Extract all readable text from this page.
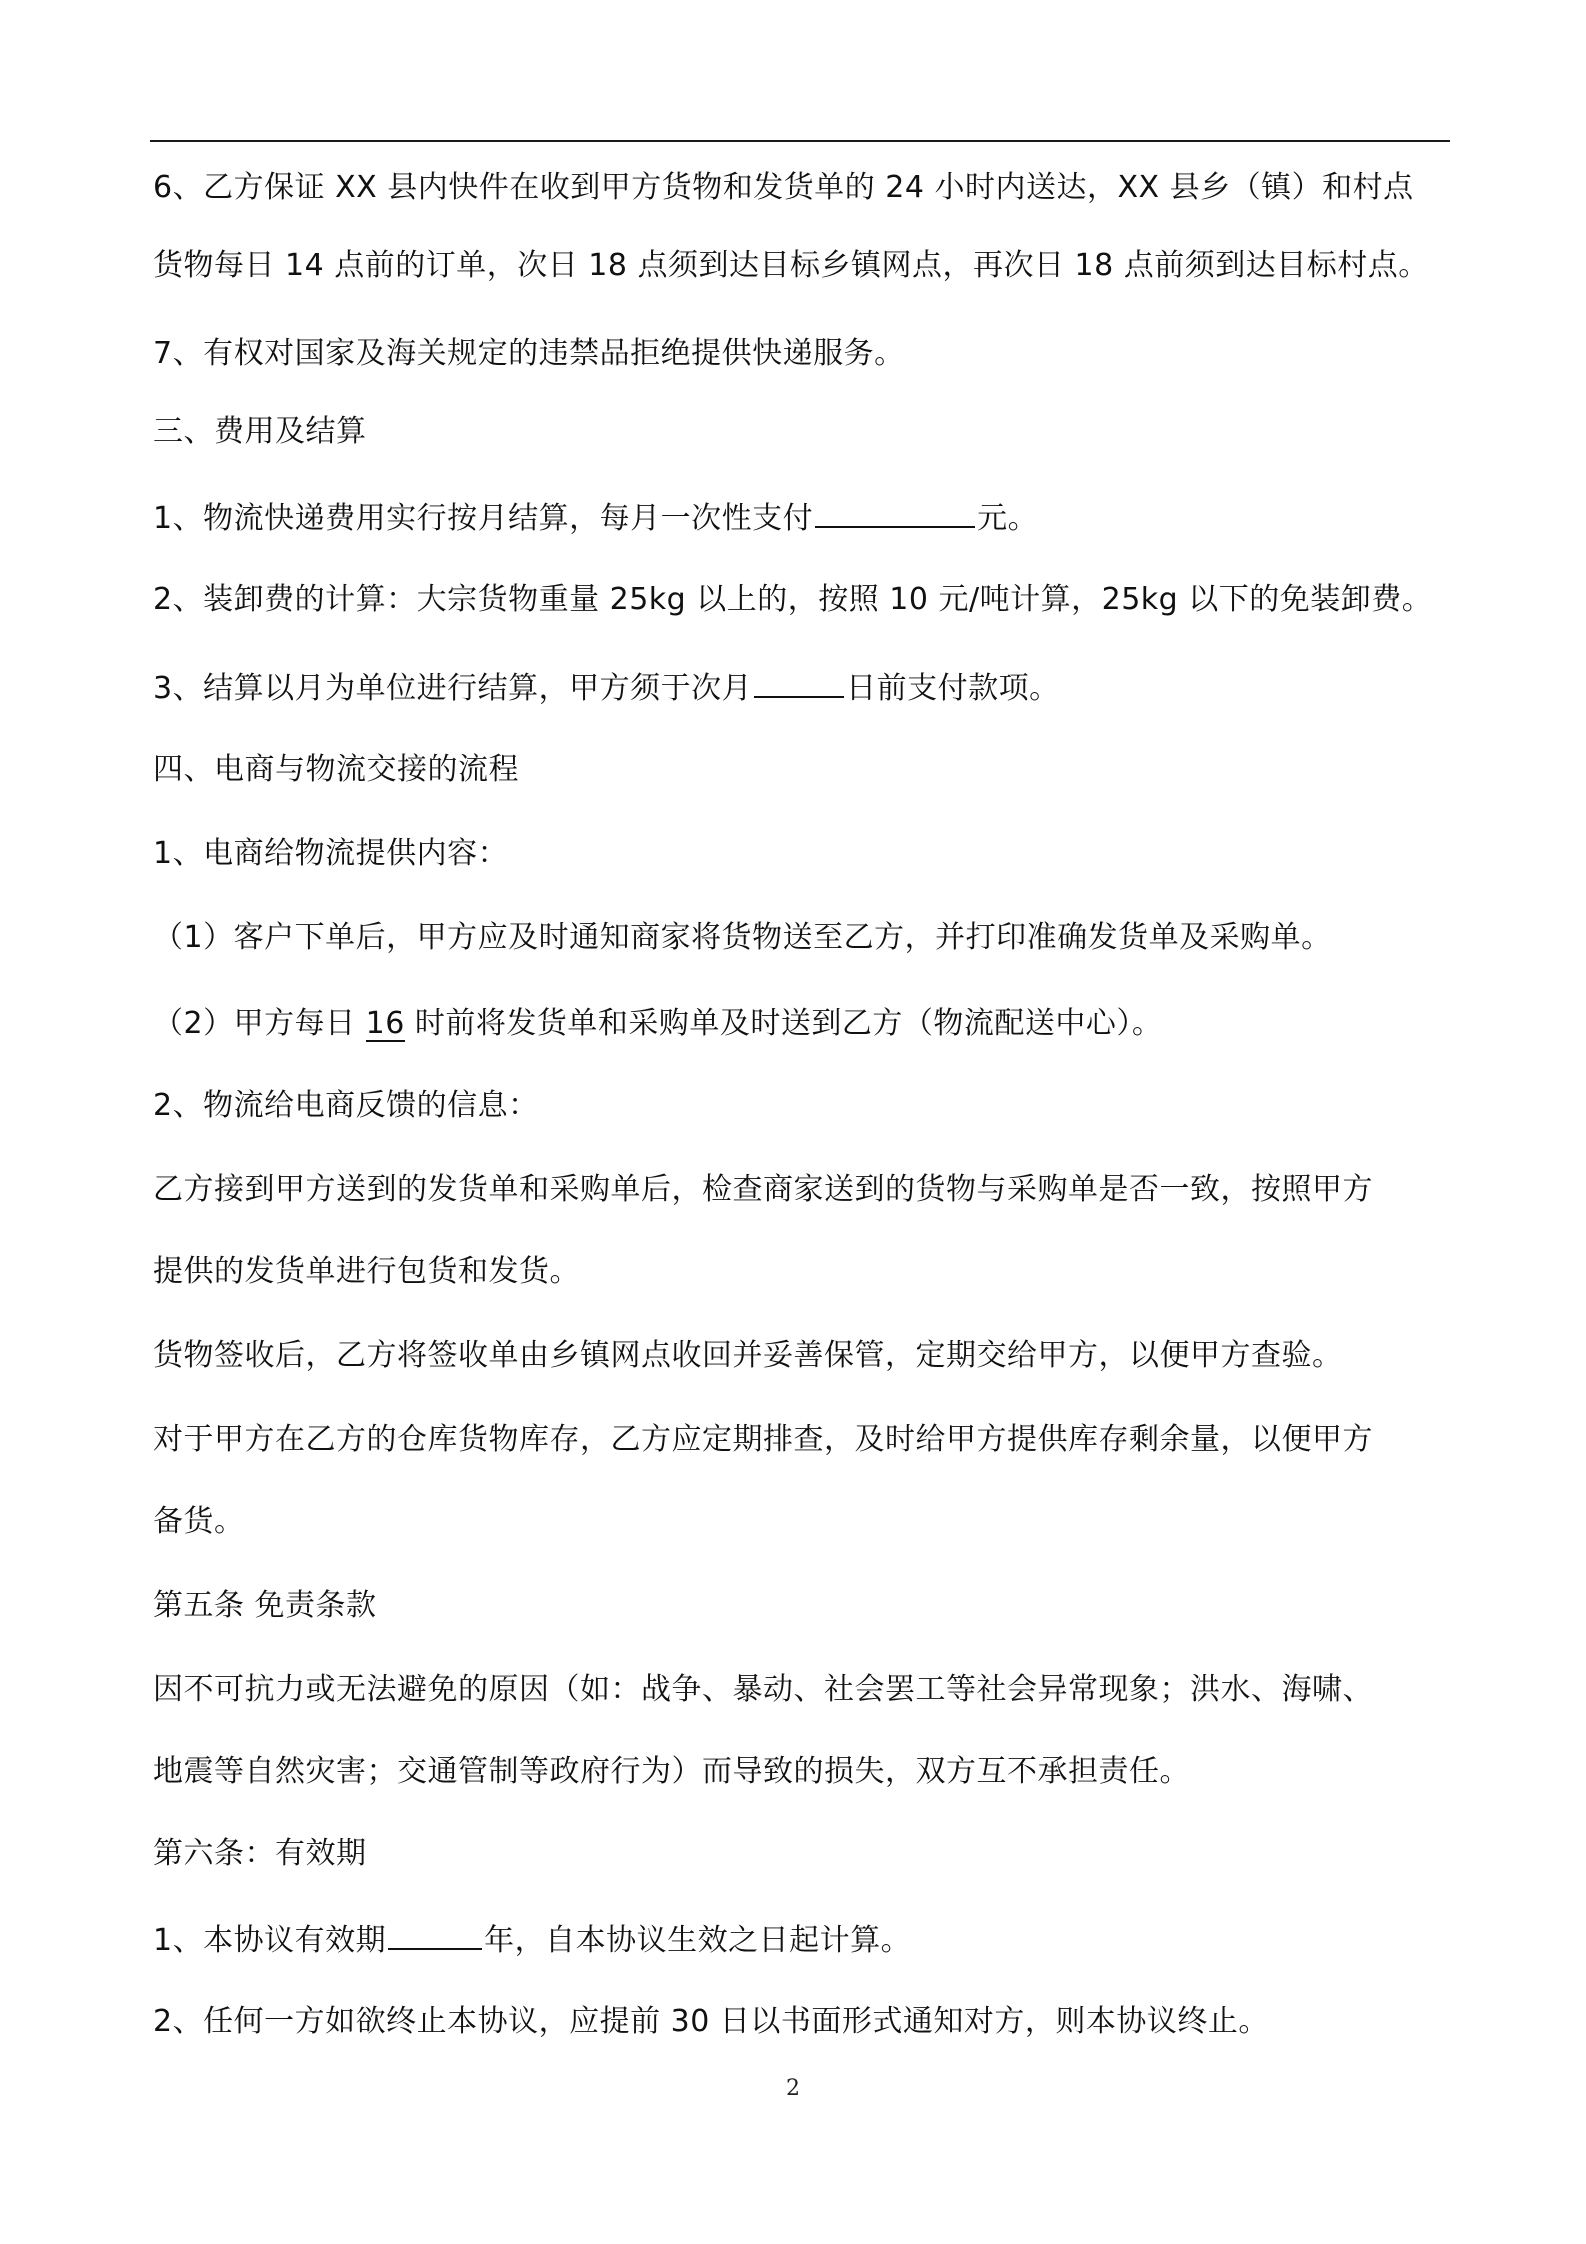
6、乙方保证 XX 县内快件在收到甲方货物和发货单的 24 小时内送达，XX 县乡（镇）和村点
货物每日 14 点前的订单，次日 18 点须到达目标乡镇网点，再次日 18 点前须到达目标村点。
7、有权对国家及海关规定的违禁品拒绝提供快递服务。
三、费用及结算
1、物流快递费用实行按月结算，每月一次性支付	元。
2、装卸费的计算：大宗货物重量 25kg 以上的，按照 10 元/吨计算，25kg 以下的免装卸费。
3、结算以月为单位进行结算，甲方须于次月	日前支付款项。
四、电商与物流交接的流程
1、电商给物流提供内容：
（1）客户下单后，甲方应及时通知商家将货物送至乙方，并打印准确发货单及采购单。
（2）甲方每日 16 时前将发货单和采购单及时送到乙方（物流配送中心）。
2、物流给电商反馈的信息：
乙方接到甲方送到的发货单和采购单后，检查商家送到的货物与采购单是否一致，按照甲方
提供的发货单进行包货和发货。
货物签收后，乙方将签收单由乡镇网点收回并妥善保管，定期交给甲方，以便甲方查验。
对于甲方在乙方的仓库货物库存，乙方应定期排查，及时给甲方提供库存剩余量，以便甲方
备货。
第五条 免责条款
因不可抗力或无法避免的原因（如：战争、暴动、社会罢工等社会异常现象；洪水、海啸、
地震等自然灾害；交通管制等政府行为）而导致的损失，双方互不承担责任。
第六条：有效期
1、本协议有效期	年，自本协议生效之日起计算。
2、任何一方如欲终止本协议，应提前 30 日以书面形式通知对方，则本协议终止。
2
